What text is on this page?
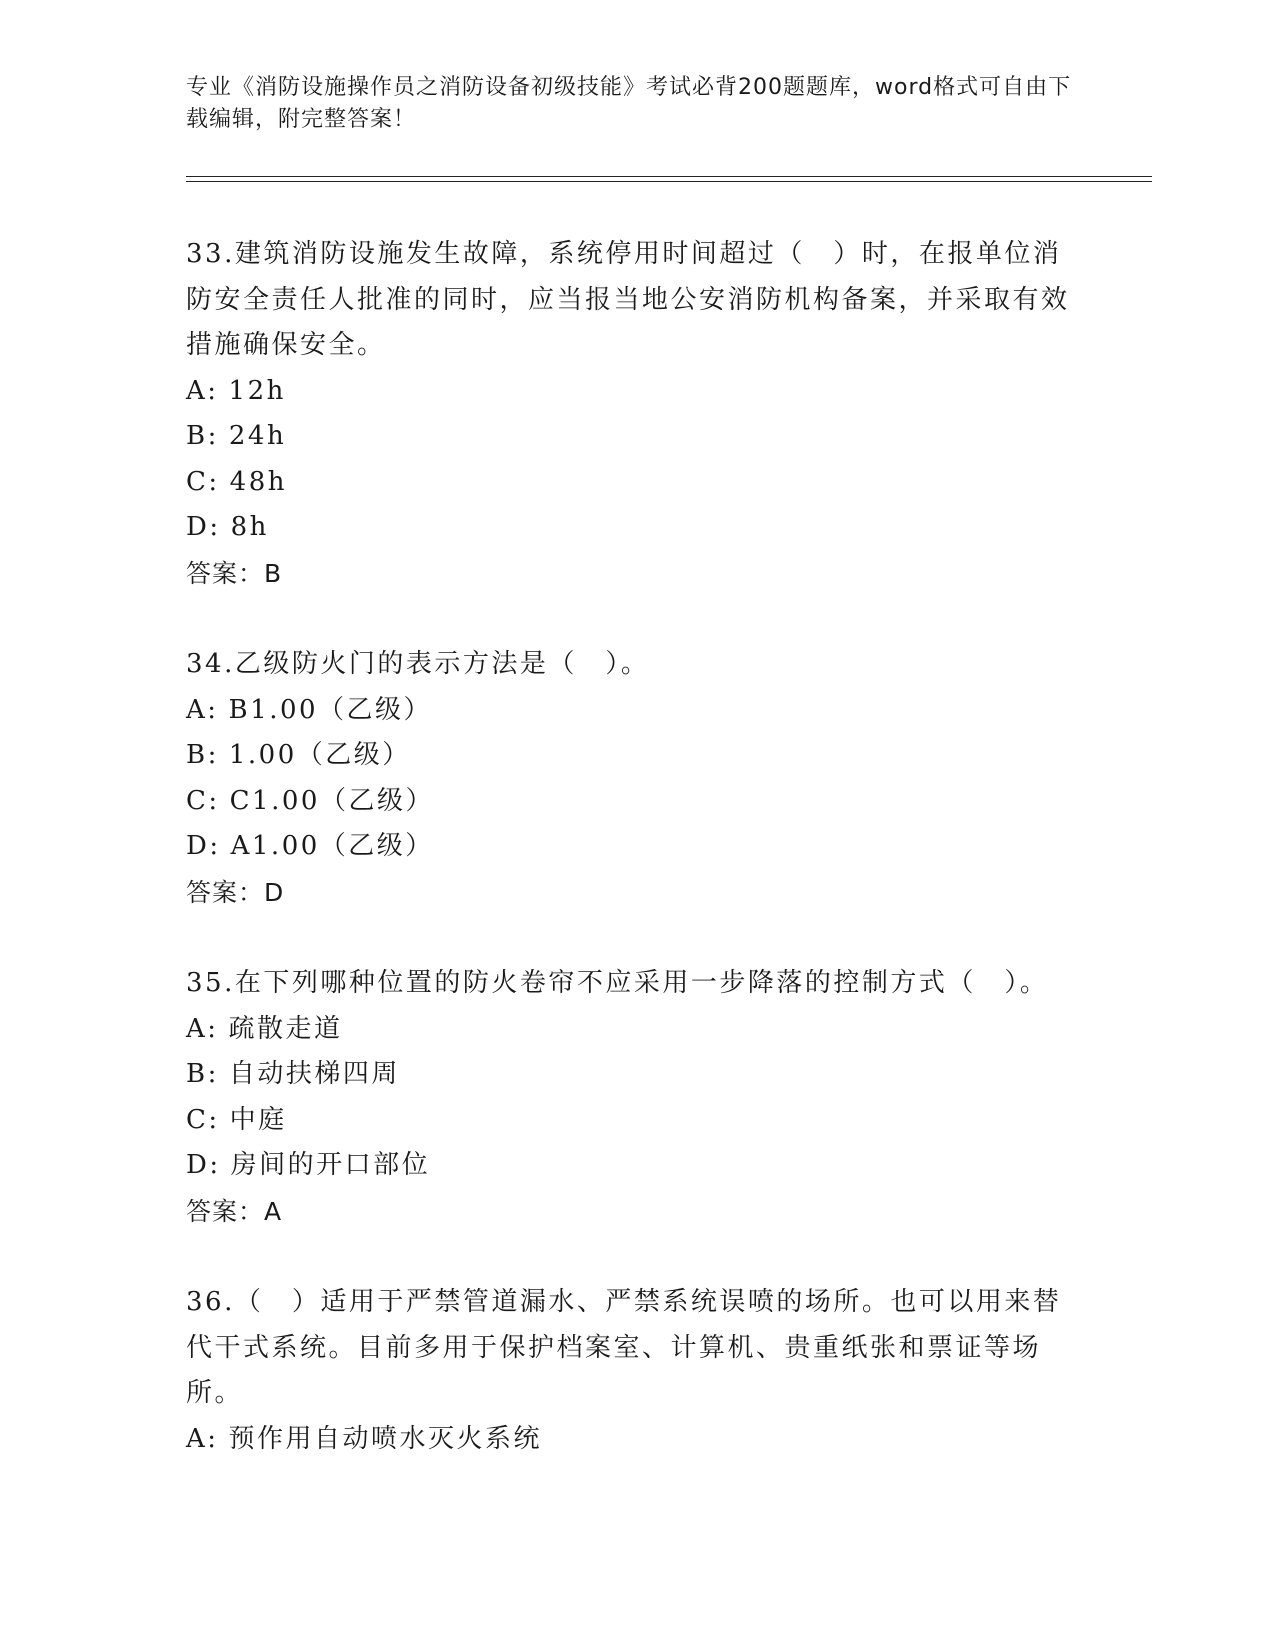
专业《消防设施操作员之消防设备初级技能》考试必背200题题库，word格式可自由下载编辑，附完整答案！

33.建筑消防设施发生故障，系统停用时间超过（　）时，在报单位消防安全责任人批准的同时，应当报当地公安消防机构备案，并采取有效措施确保安全。

A: 12h

B: 24h

C: 48h

D: 8h

答案：B

34.乙级防火门的表示方法是（　）。

A: B1.00（乙级）

B: 1.00（乙级）

C: C1.00（乙级）

D: A1.00（乙级）

答案：D

35.在下列哪种位置的防火卷帘不应采用一步降落的控制方式（　）。

A: 疏散走道

B: 自动扶梯四周

C: 中庭

D: 房间的开口部位

答案：A

36.（　）适用于严禁管道漏水、严禁系统误喷的场所。也可以用来替代干式系统。目前多用于保护档案室、计算机、贵重纸张和票证等场所。

A: 预作用自动喷水灭火系统
